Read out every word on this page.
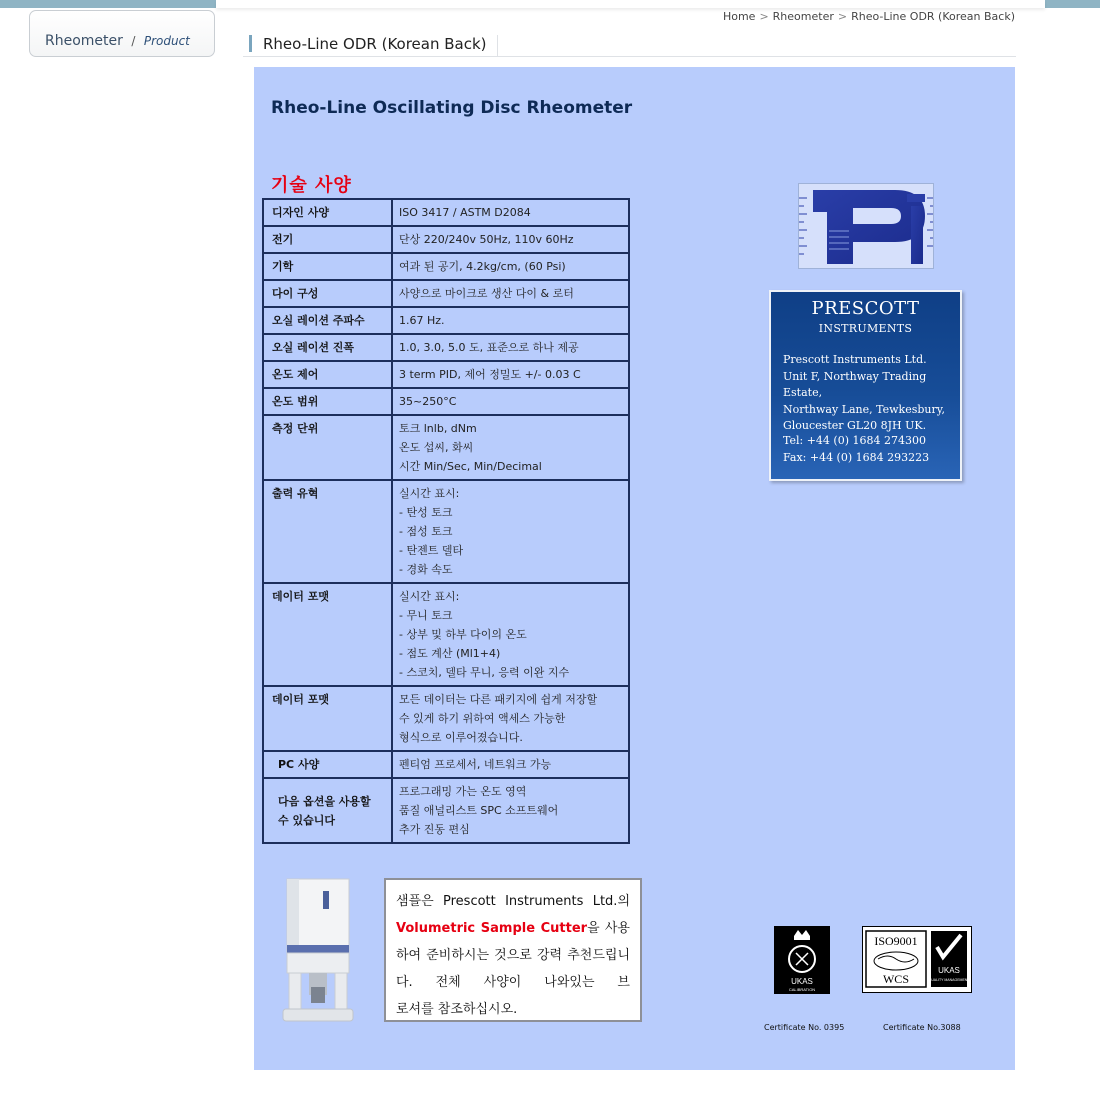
Rheometer / Product
Home > Rheometer > Rheo-Line ODR (Korean Back)
Rheo-Line ODR (Korean Back)
Rheo-Line Oscillating Disc Rheometer
기술 사양
디자인 사양	ISO 3417 / ASTM D2084

전기	단상 220/240v 50Hz, 110v 60Hz

기학	여과 된 공기, 4.2kg/cm, (60 Psi)

다이 구성	사양으로 마이크로 생산 다이 & 로터

오실 레이션 주파수	1.67 Hz.

오실 레이션 진폭	1.0, 3.0, 5.0 도, 표준으로 하나 제공

온도 제어	3 term PID, 제어 정밀도 +/- 0.03 C

온도 범위	35~250°C

측정 단위	토크 lnlb, dNm
온도 섭씨, 화씨
시간 Min/Sec, Min/Decimal

출력 유혁	실시간 표시:
- 탄성 토크
- 점성 토크
- 탄젠트 델타
- 경화 속도

데이터 포맷	실시간 표시:
- 무니 토크
- 상부 및 하부 다이의 온도
- 점도 계산 (Ml1+4)
- 스코치, 델타 무니, 응력 이완 지수

데이터 포맷	모든 데이터는 다른 패키지에 쉽게 저장할
수 있게 하기 위하여 액세스 가능한
형식으로 이루어졌습니다.

PC 사양	펜티엄 프로세서, 네트워크 가능

다음 옵션을 사용할 수 있습니다	프로그래밍 가는 온도 영역
품질 애널리스트 SPC 소프트웨어
추가 진동 편심
PRESCOTT
INSTRUMENTS
Prescott Instruments Ltd.
Unit F, Northway Trading Estate,
Northway Lane, Tewkesbury,
Gloucester GL20 8JH UK.
Tel: +44 (0) 1684 274300
Fax: +44 (0) 1684 293223
샘플은 Prescott Instruments Ltd.의
Volumetric Sample Cutter을 사용하여 준비하시는 것으로 강력 추천드립니다. 전체 사양이 나와있는 브
로셔를 참조하십시오.
UKAS
CALIBRATION
ISO9001
WCS
UKAS
QUALITY MANAGEMENT
Certificate No. 0395	Certificate No.3088
